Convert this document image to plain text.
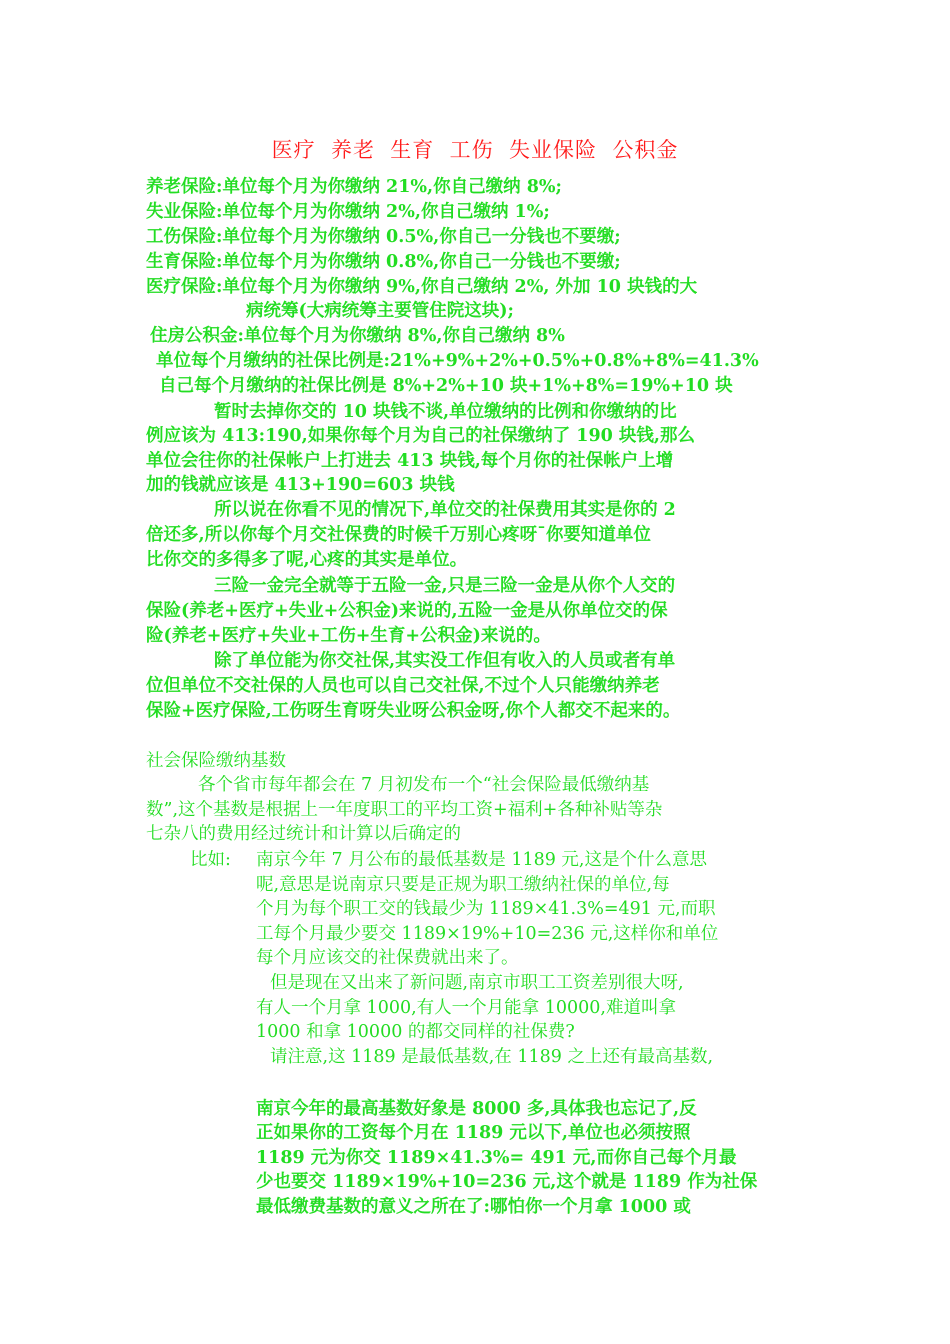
医疗  养老  生育  工伤  失业保险  公积金
养老保险:单位每个月为你缴纳 21%,你自己缴纳 8%;
失业保险:单位每个月为你缴纳 2%,你自己缴纳 1%;
工伤保险:单位每个月为你缴纳 0.5%,你自己一分钱也不要缴;
生育保险:单位每个月为你缴纳 0.8%,你自己一分钱也不要缴;
医疗保险:单位每个月为你缴纳 9%,你自己缴纳 2%, 外加 10 块钱的大
病统筹(大病统筹主要管住院这块);
住房公积金:单位每个月为你缴纳 8%,你自己缴纳 8%
单位每个月缴纳的社保比例是:21%+9%+2%+0.5%+0.8%+8%=41.3%
自己每个月缴纳的社保比例是 8%+2%+10 块+1%+8%=19%+10 块
暂时去掉你交的 10 块钱不谈,单位缴纳的比例和你缴纳的比
例应该为 413:190,如果你每个月为自己的社保缴纳了 190 块钱,那么
单位会往你的社保帐户上打进去 413 块钱,每个月你的社保帐户上增
加的钱就应该是 413+190=603 块钱
所以说在你看不见的情况下,单位交的社保费用其实是你的 2
倍还多,所以你每个月交社保费的时候千万别心疼呀¯你要知道单位
比你交的多得多了呢,心疼的其实是单位。
三险一金完全就等于五险一金,只是三险一金是从你个人交的
保险(养老+医疗+失业+公积金)来说的,五险一金是从你单位交的保
险(养老+医疗+失业+工伤+生育+公积金)来说的。
除了单位能为你交社保,其实没工作但有收入的人员或者有单
位但单位不交社保的人员也可以自己交社保,不过个人只能缴纳养老
保险+医疗保险,工伤呀生育呀失业呀公积金呀,你个人都交不起来的。
社会保险缴纳基数
各个省市每年都会在 7 月初发布一个“社会保险最低缴纳基
数”,这个基数是根据上一年度职工的平均工资+福利+各种补贴等杂
七杂八的费用经过统计和计算以后确定的
比如: 南京今年 7 月公布的最低基数是 1189 元,这是个什么意思
呢,意思是说南京只要是正规为职工缴纳社保的单位,每
个月为每个职工交的钱最少为 1189×41.3%=491 元,而职
工每个月最少要交 1189×19%+10=236 元,这样你和单位
每个月应该交的社保费就出来了。
但是现在又出来了新问题,南京市职工工资差别很大呀,
有人一个月拿 1000,有人一个月能拿 10000,难道叫拿
1000 和拿 10000 的都交同样的社保费?
请注意,这 1189 是最低基数,在 1189 之上还有最高基数,
南京今年的最高基数好象是 8000 多,具体我也忘记了,反
正如果你的工资每个月在 1189 元以下,单位也必须按照
1189 元为你交 1189×41.3%= 491 元,而你自己每个月最
少也要交 1189×19%+10=236 元,这个就是 1189 作为社保
最低缴费基数的意义之所在了:哪怕你一个月拿 1000 或
